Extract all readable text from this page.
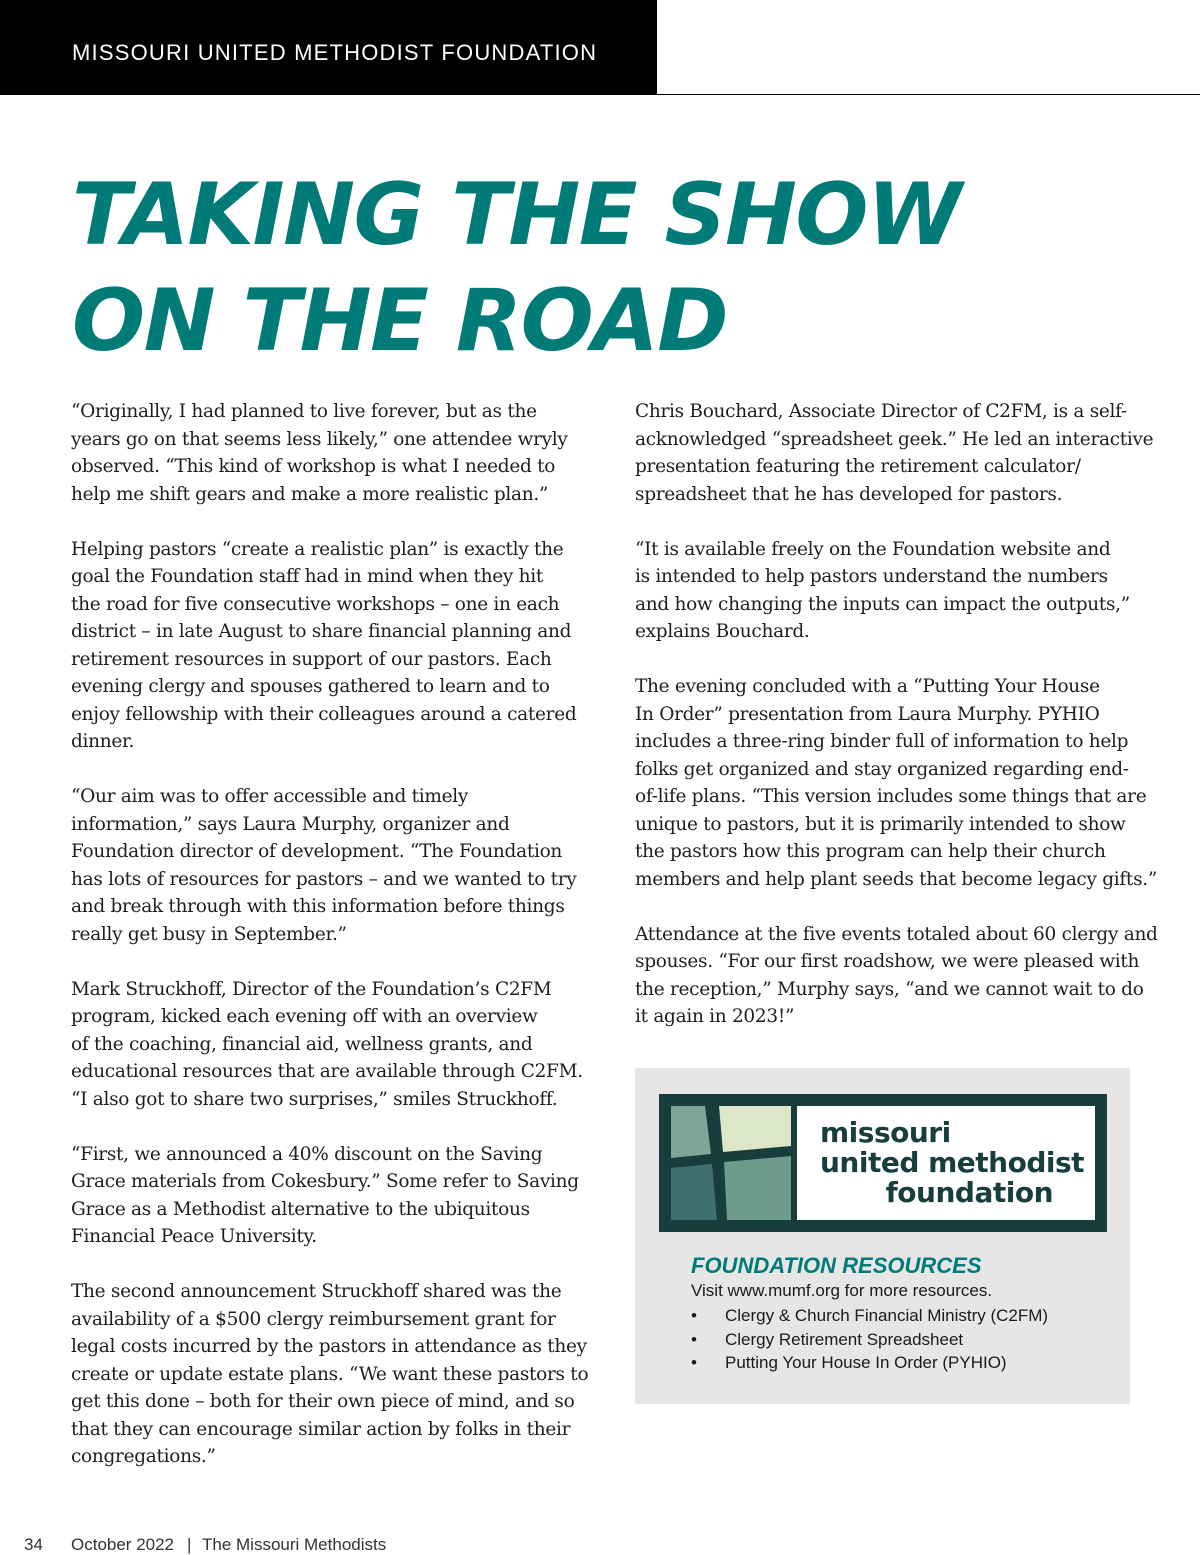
MISSOURI UNITED METHODIST FOUNDATION
TAKING THE SHOW
ON THE ROAD

“Originally, I had planned to live forever, but as the
years go on that seems less likely,” one attendee wryly
observed. “This kind of workshop is what I needed to
help me shift gears and make a more realistic plan.”

Helping pastors “create a realistic plan” is exactly the
goal the Foundation staff had in mind when they hit
the road for five consecutive workshops – one in each
district – in late August to share financial planning and
retirement resources in support of our pastors. Each
evening clergy and spouses gathered to learn and to
enjoy fellowship with their colleagues around a catered
dinner.

“Our aim was to offer accessible and timely
information,” says Laura Murphy, organizer and
Foundation director of development. “The Foundation
has lots of resources for pastors – and we wanted to try
and break through with this information before things
really get busy in September.”

Mark Struckhoff, Director of the Foundation’s C2FM
program, kicked each evening off with an overview
of the coaching, financial aid, wellness grants, and
educational resources that are available through C2FM.
“I also got to share two surprises,” smiles Struckhoff.

“First, we announced a 40% discount on the Saving
Grace materials from Cokesbury.” Some refer to Saving
Grace as a Methodist alternative to the ubiquitous
Financial Peace University.

The second announcement Struckhoff shared was the
availability of a $500 clergy reimbursement grant for
legal costs incurred by the pastors in attendance as they
create or update estate plans. “We want these pastors to
get this done – both for their own piece of mind, and so
that they can encourage similar action by folks in their
congregations.”

Chris Bouchard, Associate Director of C2FM, is a self-
acknowledged “spreadsheet geek.” He led an interactive
presentation featuring the retirement calculator/
spreadsheet that he has developed for pastors.

“It is available freely on the Foundation website and
is intended to help pastors understand the numbers
and how changing the inputs can impact the outputs,”
explains Bouchard.

The evening concluded with a “Putting Your House
In Order” presentation from Laura Murphy. PYHIO
includes a three-ring binder full of information to help
folks get organized and stay organized regarding end-
of-life plans. “This version includes some things that are
unique to pastors, but it is primarily intended to show
the pastors how this program can help their church
members and help plant seeds that become legacy gifts.”

Attendance at the five events totaled about 60 clergy and
spouses. “For our first roadshow, we were pleased with
the reception,” Murphy says, “and we cannot wait to do
it again in 2023!”

missouri
united methodist
foundation
FOUNDATION RESOURCES
Visit www.mumf.org for more resources.
• Clergy & Church Financial Ministry (C2FM)
• Clergy Retirement Spreadsheet
• Putting Your House In Order (PYHIO)
34 October 2022 | The Missouri Methodists
